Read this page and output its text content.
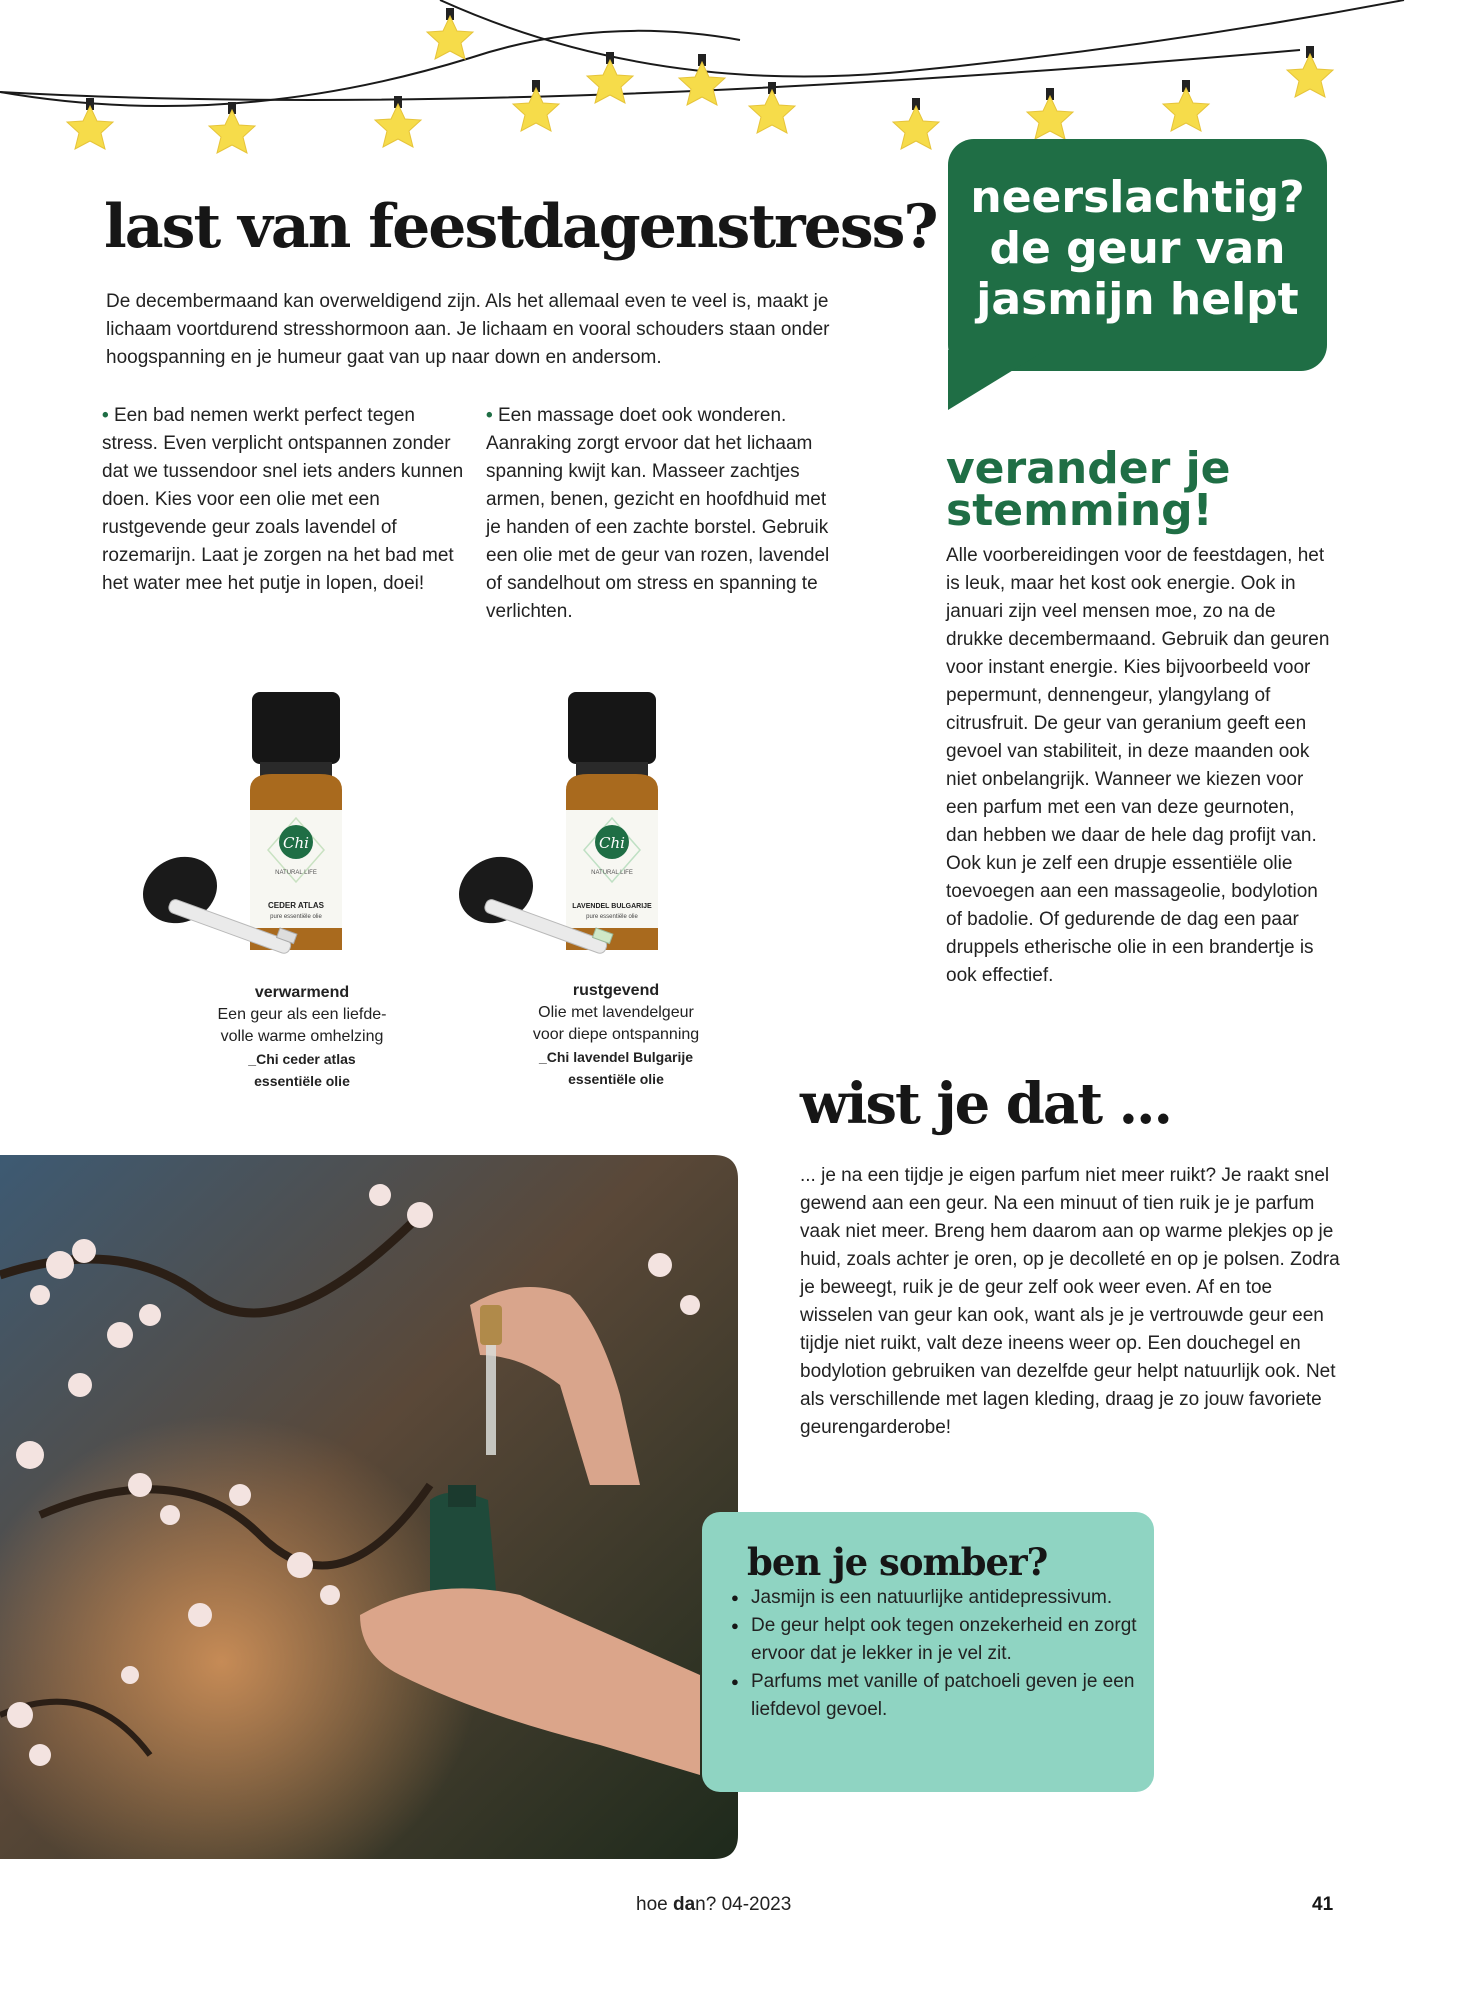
last van feestdagenstress?
De decembermaand kan overweldigend zijn. Als het allemaal even te veel is, maakt je lichaam voortdurend stresshormoon aan. Je lichaam en vooral schouders staan onder hoogspanning en je humeur gaat van up naar down en andersom.
• Een bad nemen werkt perfect tegen stress. Even verplicht ontspannen zonder dat we tussendoor snel iets anders kunnen doen. Kies voor een olie met een rustgevende geur zoals lavendel of rozemarijn. Laat je zorgen na het bad met het water mee het putje in lopen, doei!
• Een massage doet ook wonderen. Aanraking zorgt ervoor dat het lichaam spanning kwijt kan. Masseer zachtjes armen, benen, gezicht en hoofdhuid met je handen of een zachte borstel. Gebruik een olie met de geur van rozen, lavendel of sandelhout om stress en spanning te verlichten.
neerslachtig?
de geur van
jasmijn helpt
verander je
stemming!
Alle voorbereidingen voor de feestdagen, het is leuk, maar het kost ook energie. Ook in januari zijn veel mensen moe, zo na de drukke decembermaand. Gebruik dan geuren voor instant energie. Kies bijvoorbeeld voor pepermunt, dennengeur, ylangylang of citrusfruit. De geur van geranium geeft een gevoel van stabiliteit, in deze maanden ook niet onbelangrijk. Wanneer we kiezen voor een parfum met een van deze geurnoten, dan hebben we daar de hele dag profijt van. Ook kun je zelf een drupje essentiële olie toevoegen aan een massageolie, bodylotion of badolie. Of gedurende de dag een paar druppels etherische olie in een brandertje is ook effectief.
Chi
NATURAL LIFE
CEDER ATLAS
pure essentiële olie
verwarmend
Een geur als een liefde-
volle warme omhelzing
_Chi ceder atlas
essentiële olie
Chi
NATURAL LIFE
LAVENDEL BULGARIJE
pure essentiële olie
rustgevend
Olie met lavendelgeur
voor diepe ontspanning
_Chi lavendel Bulgarije
essentiële olie	wist je dat ...
... je na een tijdje je eigen parfum niet meer ruikt? Je raakt snel gewend aan een geur. Na een minuut of tien ruik je je parfum vaak niet meer. Breng hem daarom aan op warme plekjes op je huid, zoals achter je oren, op je decolleté en op je polsen. Zodra je beweegt, ruik je de geur zelf ook weer even. Af en toe wisselen van geur kan ook, want als je je vertrouwde geur een tijdje niet ruikt, valt deze ineens weer op. Een douchegel en bodylotion gebruiken van dezelfde geur helpt natuurlijk ook. Net als verschillende met lagen kleding, draag je zo jouw favoriete geurengarderobe!
ben je somber?
● Jasmijn is een natuurlijke antidepressivum.
● De geur helpt ook tegen onzekerheid en zorgt ervoor dat je lekker in je vel zit.
● Parfums met vanille of patchoeli geven je een liefdevol gevoel.
hoe dan? 04-2023	41
